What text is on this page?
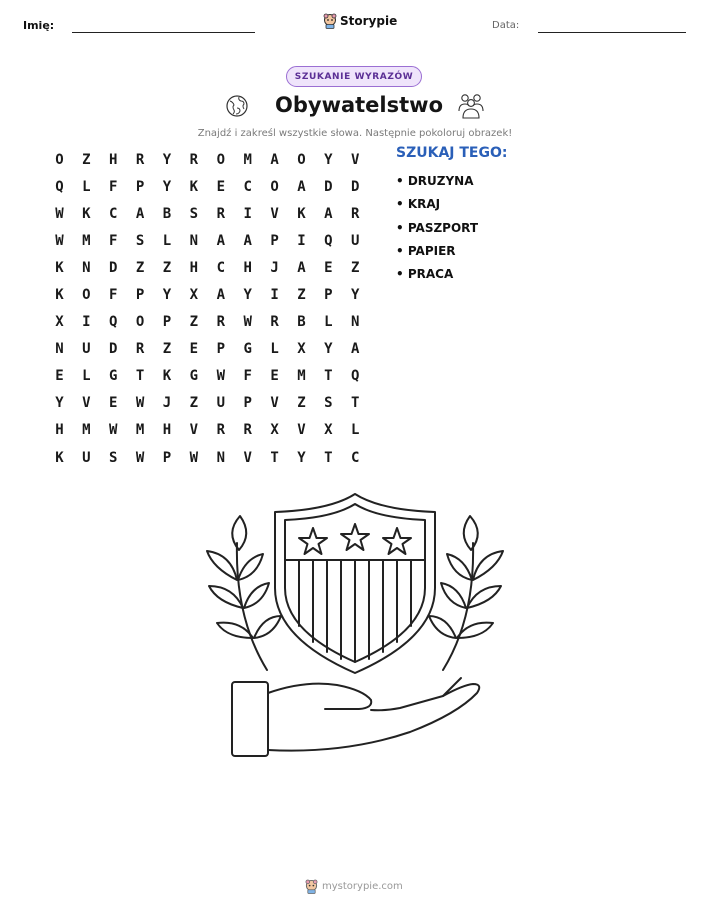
Imię:	Data:
Storypie
SZUKANIE WYRAZÓW
Obywatelstwo
Znajdź i zakreśl wszystkie słowa. Następnie pokoloruj obrazek!
O	Z	H	R	Y	R	O	M	A	O	Y	V
Q	L	F	P	Y	K	E	C	O	A	D	D
W	K	C	A	B	S	R	I	V	K	A	R
W	M	F	S	L	N	A	A	P	I	Q	U
K	N	D	Z	Z	H	C	H	J	A	E	Z
K	O	F	P	Y	X	A	Y	I	Z	P	Y
X	I	Q	O	P	Z	R	W	R	B	L	N
N	U	D	R	Z	E	P	G	L	X	Y	A
E	L	G	T	K	G	W	F	E	M	T	Q
Y	V	E	W	J	Z	U	P	V	Z	S	T
H	M	W	M	H	V	R	R	X	V	X	L
K	U	S	W	P	W	N	V	T	Y	T	C
SZUKAJ TEGO:
• DRUZYNA
• KRAJ
• PASZPORT
• PAPIER
• PRACA
mystorypie.com
